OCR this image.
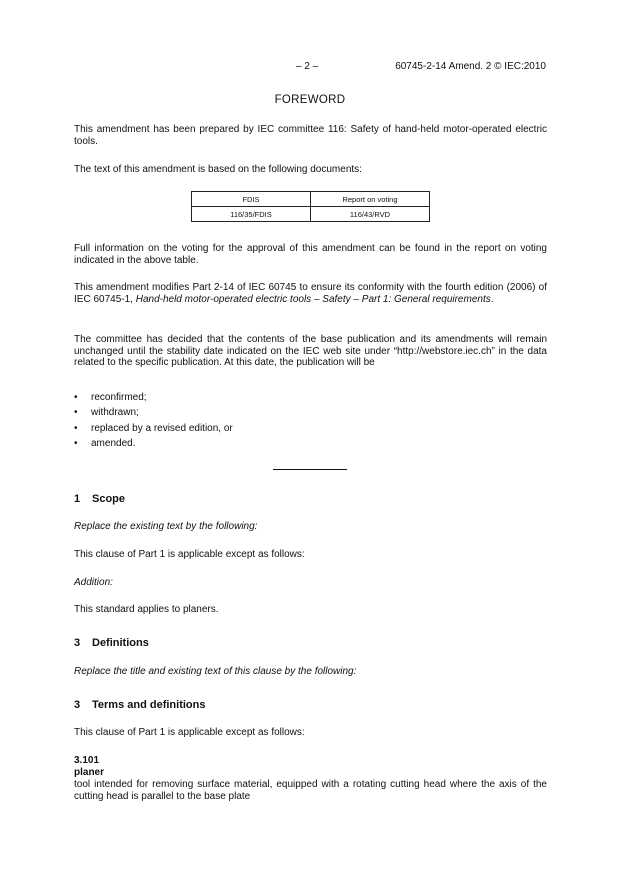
– 2 –	60745-2-14 Amend. 2 © IEC:2010
FOREWORD
This amendment has been prepared by IEC committee 116: Safety of hand-held motor-operated electric tools.
The text of this amendment is based on the following documents:
FDIS	Report on voting
116/35/FDIS	116/43/RVD
Full information on the voting for the approval of this amendment can be found in the report on voting indicated in the above table.
This amendment modifies Part 2-14 of IEC 60745 to ensure its conformity with the fourth edition (2006) of IEC 60745-1, Hand-held motor-operated electric tools – Safety – Part 1: General requirements.
The committee has decided that the contents of the base publication and its amendments will remain unchanged until the stability date indicated on the IEC web site under “http://webstore.iec.ch” in the data related to the specific publication. At this date, the publication will be
• reconfirmed;
• withdrawn;
• replaced by a revised edition, or
• amended.
1 Scope
Replace the existing text by the following:
This clause of Part 1 is applicable except as follows:
Addition:
This standard applies to planers.
3 Definitions
Replace the title and existing text of this clause by the following:
3 Terms and definitions
This clause of Part 1 is applicable except as follows:
3.101
planer
tool intended for removing surface material, equipped with a rotating cutting head where the axis of the cutting head is parallel to the base plate
